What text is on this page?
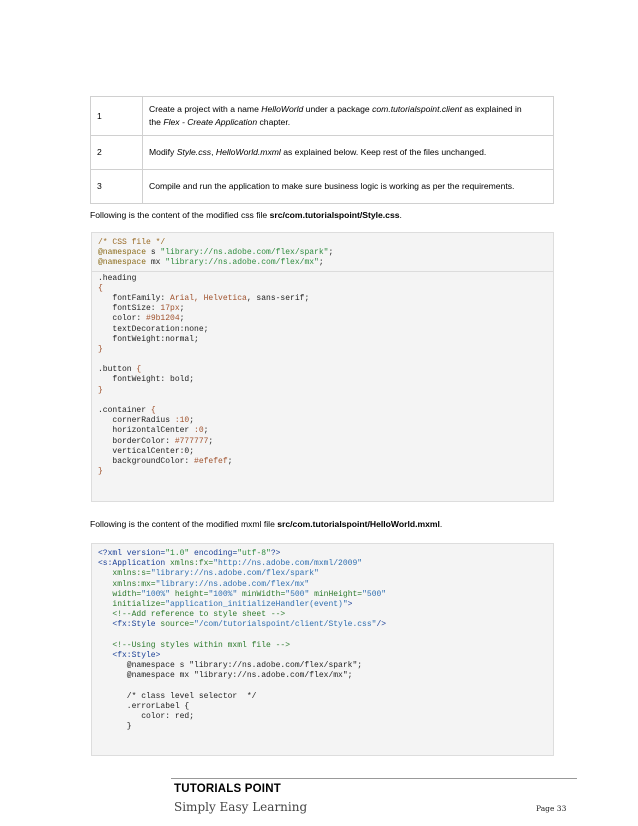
1	Create a project with a name HelloWorld under a package com.tutorialspoint.client as explained in
the Flex - Create Application chapter.
2	Modify Style.css, HelloWorld.mxml as explained below. Keep rest of the files unchanged.
3	Compile and run the application to make sure business logic is working as per the requirements.
Following is the content of the modified css file src/com.tutorialspoint/Style.css.
/* CSS file */
@namespace s "library://ns.adobe.com/flex/spark";
@namespace mx "library://ns.adobe.com/flex/mx";
.heading
{
fontFamily: Arial, Helvetica, sans-serif;
fontSize: 17px;
color: #9b1204;
textDecoration:none;
fontWeight:normal;
}
.button {
fontWeight: bold;
}
.container {
cornerRadius :10;
horizontalCenter :0;
borderColor: #777777;
verticalCenter:0;
backgroundColor: #efefef;
}
Following is the content of the modified mxml file src/com.tutorialspoint/HelloWorld.mxml.
<?xml version="1.0" encoding="utf-8"?>
<s:Application xmlns:fx="http://ns.adobe.com/mxml/2009"
xmlns:s="library://ns.adobe.com/flex/spark"
xmlns:mx="library://ns.adobe.com/flex/mx"
width="100%" height="100%" minWidth="500" minHeight="500"
initialize="application_initializeHandler(event)">
<!--Add reference to style sheet -->
<fx:Style source="/com/tutorialspoint/client/Style.css"/>
<!--Using styles within mxml file -->
<fx:Style>
@namespace s "library://ns.adobe.com/flex/spark";
@namespace mx "library://ns.adobe.com/flex/mx";
/* class level selector  */
.errorLabel {
color: red;
}
TUTORIALS POINT
Simply Easy Learning	Page 33
